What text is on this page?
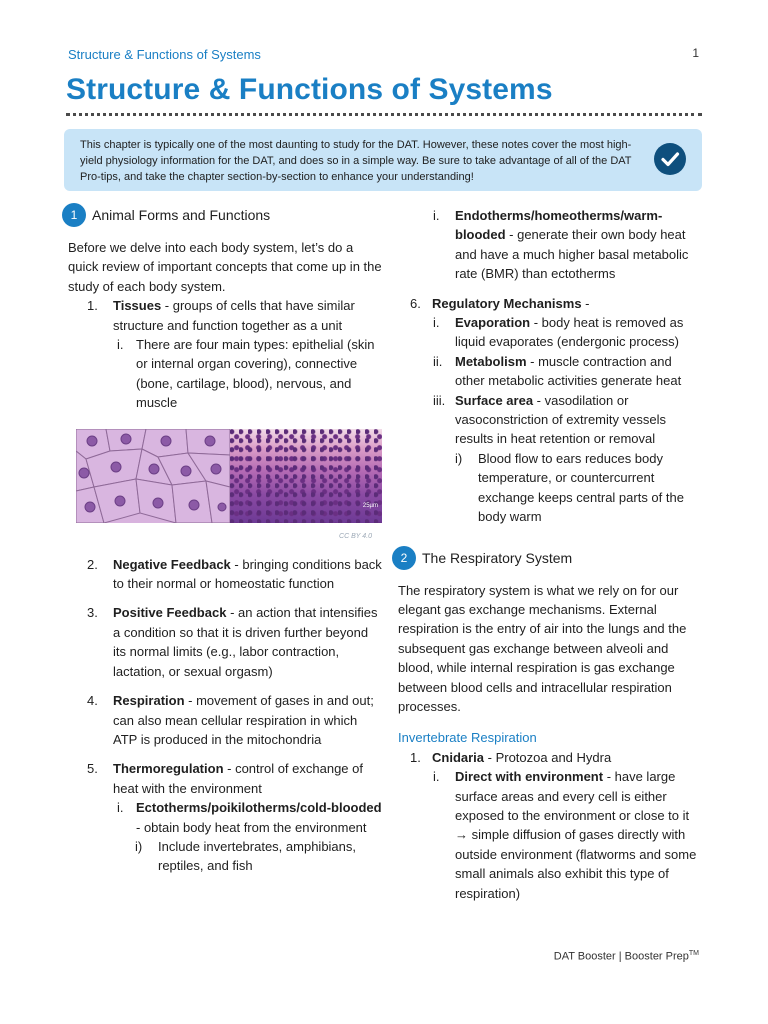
Structure & Functions of Systems	1
Structure & Functions of Systems
This chapter is typically one of the most daunting to study for the DAT. However, these notes cover the most high-yield physiology information for the DAT, and does so in a simple way. Be sure to take advantage of all of the DAT Pro-tips, and take the chapter section-by-section to enhance your understanding!
1	Animal Forms and Functions

Before we delve into each body system, let’s do a quick review of important concepts that come up in the study of each body system.

1. Tissues - groups of cells that have similar structure and function together as a unit
i. There are four main types: epithelial (skin or internal organ covering), connective (bone, cartilage, blood), nervous, and muscle
25µm
CC BY 4.0
2. Negative Feedback - bringing conditions back to their normal or homeostatic function
3. Positive Feedback - an action that intensifies a condition so that it is driven further beyond its normal limits (e.g., labor contraction, lactation, or sexual orgasm)
4. Respiration - movement of gases in and out; can also mean cellular respiration in which ATP is produced in the mitochondria
5. Thermoregulation - control of exchange of heat with the environment
i. Ectotherms/poikilotherms/cold-blooded - obtain body heat from the environment
i) Include invertebrates, amphibians, reptiles, and fish
i. Endotherms/homeotherms/warm-blooded - generate their own body heat and have a much higher basal metabolic rate (BMR) than ectotherms
6. Regulatory Mechanisms -
i. Evaporation - body heat is removed as liquid evaporates (endergonic process)
ii. Metabolism - muscle contraction and other metabolic activities generate heat
iii. Surface area - vasodilation or vasoconstriction of extremity vessels results in heat retention or removal
i) Blood flow to ears reduces body temperature, or countercurrent exchange keeps central parts of the body warm
2	The Respiratory System

The respiratory system is what we rely on for our elegant gas exchange mechanisms. External respiration is the entry of air into the lungs and the subsequent gas exchange between alveoli and blood, while internal respiration is gas exchange between blood cells and intracellular respiration processes.

Invertebrate Respiration

1. Cnidaria - Protozoa and Hydra
i. Direct with environment - have large surface areas and every cell is either exposed to the environment or close to it → simple diffusion of gases directly with outside environment (flatworms and some small animals also exhibit this type of respiration)
DAT Booster | Booster Prep™
